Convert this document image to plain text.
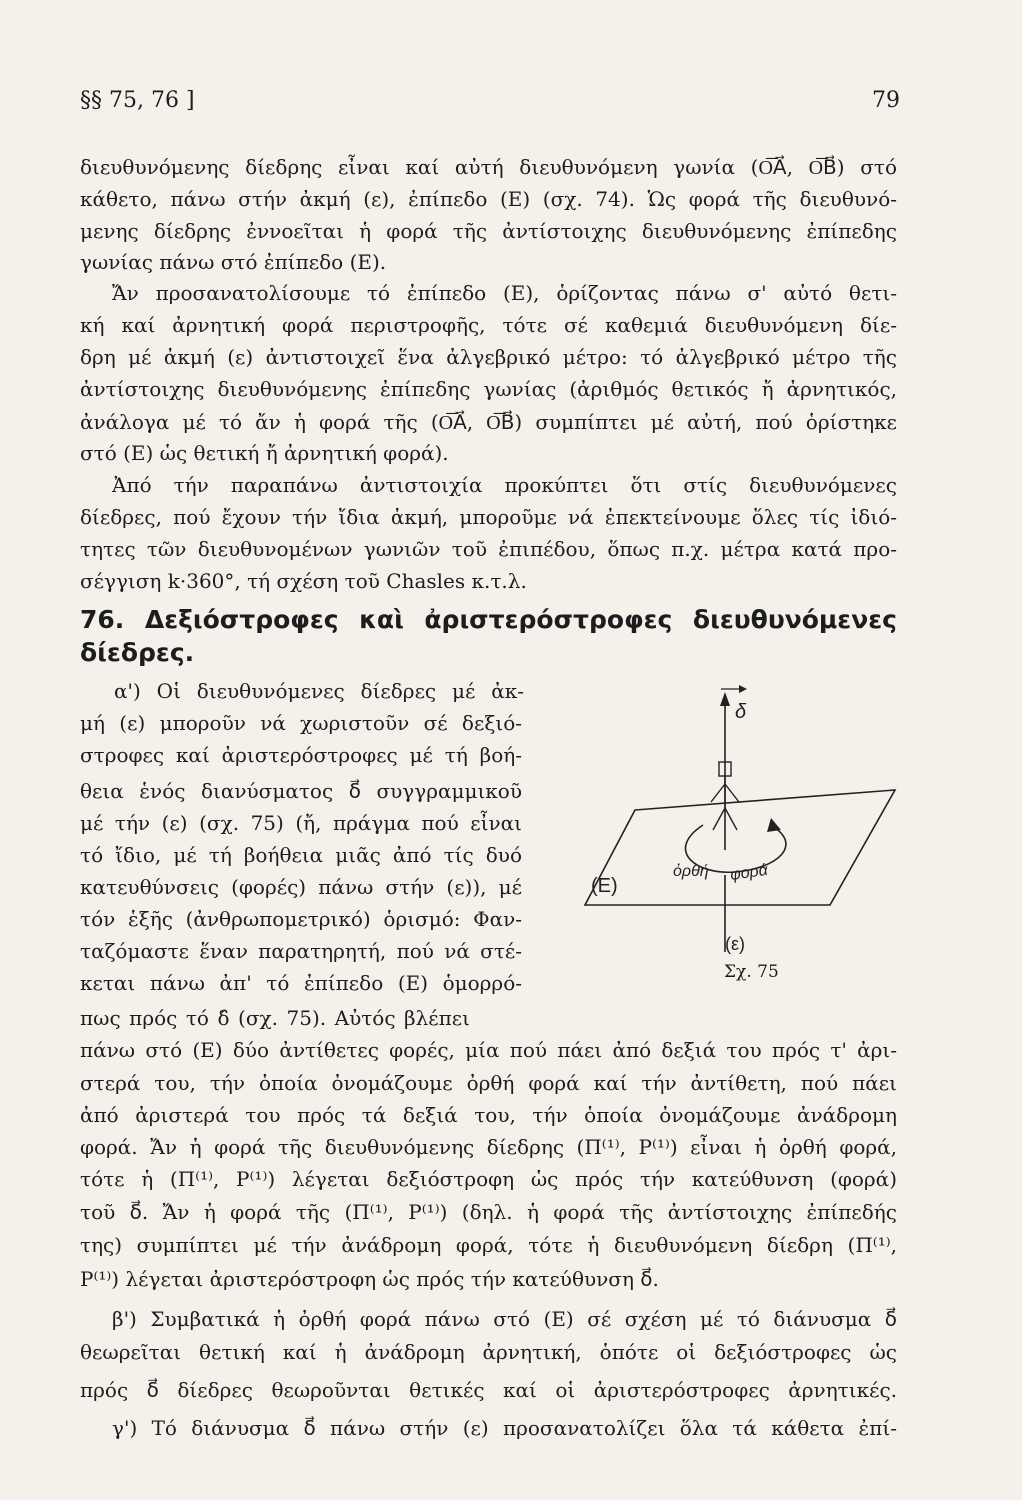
§§ 75, 76 ]	79
διευθυνόμενης δίεδρης εἶναι καί αὐτή διευθυνόμενη γωνία (O͞A⃗, O͞B⃗) στό
κάθετο, πάνω στήν ἀκμή (ε), ἐπίπεδο (Ε) (σχ. 74). Ὡς φορά τῆς διευθυνό-
μενης δίεδρης ἐννοεῖται ἡ φορά τῆς ἀντίστοιχης διευθυνόμενης ἐπίπεδης
γωνίας πάνω στό ἐπίπεδο (Ε).
Ἄν προσανατολίσουμε τό ἐπίπεδο (Ε), ὁρίζοντας πάνω σ' αὐτό θετι-
κή καί ἀρνητική φορά περιστροφῆς, τότε σέ καθεμιά διευθυνόμενη δίε-
δρη μέ ἀκμή (ε) ἀντιστοιχεῖ ἕνα ἀλγεβρικό μέτρο: τό ἀλγεβρικό μέτρο τῆς
ἀντίστοιχης διευθυνόμενης ἐπίπεδης γωνίας (ἀριθμός θετικός ἤ ἀρνητικός,
ἀνάλογα μέ τό ἄν ἡ φορά τῆς (O͞A⃗, O͞B⃗) συμπίπτει μέ αὐτή, πού ὁρίστηκε
στό (Ε) ὡς θετική ἤ ἀρνητική φορά).
Ἀπό τήν παραπάνω ἀντιστοιχία προκύπτει ὅτι στίς διευθυνόμενες
δίεδρες, πού ἔχουν τήν ἴδια ἀκμή, μποροῦμε νά ἐπεκτείνουμε ὅλες τίς ἰδιό-
τητες τῶν διευθυνομένων γωνιῶν τοῦ ἐπιπέδου, ὅπως π.χ. μέτρα κατά προ-
σέγγιση k·360°, τή σχέση τοῦ Chasles κ.τ.λ.
76. Δεξιόστροφες καὶ ἀριστερόστροφες διευθυνόμενες
δίεδρες.
α') Οἱ διευθυνόμενες δίεδρες μέ ἀκ-
μή (ε) μποροῦν νά χωριστοῦν σέ δεξιό-
στροφες καί ἀριστερόστροφες μέ τή βοή-
θεια ἑνός διανύσματος δ⃗ συγγραμμικοῦ
μέ τήν (ε) (σχ. 75) (ἤ, πράγμα πού εἶναι
τό ἴδιο, μέ τή βοήθεια μιᾶς ἀπό τίς δυό
κατευθύνσεις (φορές) πάνω στήν (ε)), μέ
τόν ἑξῆς (ἀνθρωπομετρικό) ὁρισμό: Φαν-
ταζόμαστε ἕναν παρατηρητή, πού νά στέ-
κεται πάνω ἀπ' τό ἐπίπεδο (Ε) ὁμορρό-
δ
(E)
ὀρθή φορά
(ε)
Σχ. 75
πως πρός τό δ̂ (σχ. 75). Αὐτός βλέπει
πάνω στό (Ε) δύο ἀντίθετες φορές, μία πού πάει ἀπό δεξιά του πρός τ' ἀρι-
στερά του, τήν ὁποία ὀνομάζουμε ὀρθή φορά καί τήν ἀντίθετη, πού πάει
ἀπό ἀριστερά του πρός τά δεξιά του, τήν ὁποία ὀνομάζουμε ἀνάδρομη
φορά. Ἄν ἡ φορά τῆς διευθυνόμενης δίεδρης (Π⁽¹⁾, Ρ⁽¹⁾) εἶναι ἡ ὀρθή φορά,
τότε ἡ (Π⁽¹⁾, Ρ⁽¹⁾) λέγεται δεξιόστροφη ὡς πρός τήν κατεύθυνση (φορά)
τοῦ δ⃗. Ἄν ἡ φορά τῆς (Π⁽¹⁾, Ρ⁽¹⁾) (δηλ. ἡ φορά τῆς ἀντίστοιχης ἐπίπεδής
της) συμπίπτει μέ τήν ἀνάδρομη φορά, τότε ἡ διευθυνόμενη δίεδρη (Π⁽¹⁾,
Ρ⁽¹⁾) λέγεται ἀριστερόστροφη ὡς πρός τήν κατεύθυνση δ⃗.
β') Συμβατικά ἡ ὀρθή φορά πάνω στό (Ε) σέ σχέση μέ τό διάνυσμα δ⃗
θεωρεῖται θετική καί ἡ ἀνάδρομη ἀρνητική, ὁπότε οἱ δεξιόστροφες ὡς
πρός δ⃗ δίεδρες θεωροῦνται θετικές καί οἱ ἀριστερόστροφες ἀρνητικές.
γ') Τό διάνυσμα δ⃗ πάνω στήν (ε) προσανατολίζει ὅλα τά κάθετα ἐπί-
